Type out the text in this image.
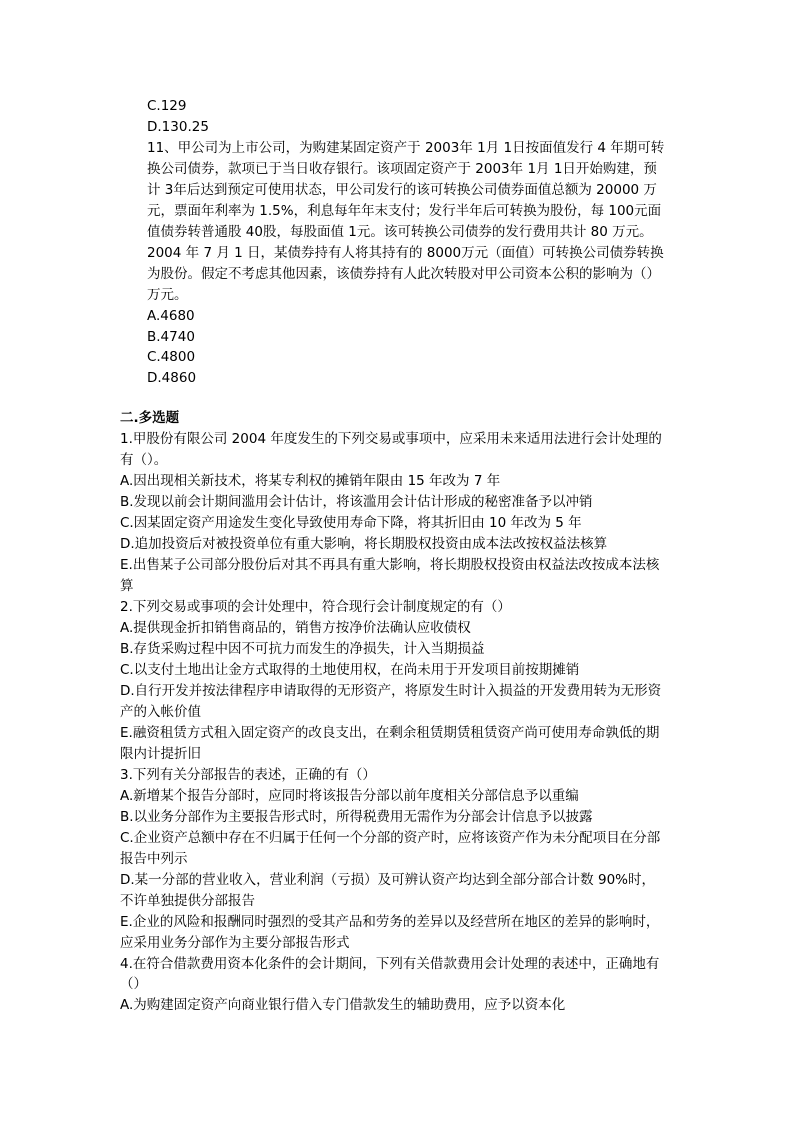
C.129
D.130.25
11、甲公司为上市公司，为购建某固定资产于 2003年 1月 1日按面值发行 4 年期可转
换公司债券，款项已于当日收存银行。该项固定资产于 2003年 1月 1日开始购建，预
计 3年后达到预定可使用状态，甲公司发行的该可转换公司债券面值总额为 20000 万
元，票面年利率为 1.5%，利息每年年末支付；发行半年后可转换为股份，每 100元面
值债券转普通股 40股，每股面值 1元。该可转换公司债券的发行费用共计 80 万元。
2004 年 7 月 1 日，某债券持有人将其持有的 8000万元（面值）可转换公司债券转换
为股份。假定不考虑其他因素，该债券持有人此次转股对甲公司资本公积的影响为（）
万元。
A.4680
B.4740
C.4800
D.4860
二.多选题
1.甲股份有限公司 2004 年度发生的下列交易或事项中，应采用未来适用法进行会计处理的
有（）。
A.因出现相关新技术，将某专利权的摊销年限由 15 年改为 7 年
B.发现以前会计期间滥用会计估计，将该滥用会计估计形成的秘密准备予以冲销
C.因某固定资产用途发生变化导致使用寿命下降，将其折旧由 10 年改为 5 年
D.追加投资后对被投资单位有重大影响，将长期股权投资由成本法改按权益法核算
E.出售某子公司部分股份后对其不再具有重大影响，将长期股权投资由权益法改按成本法核
算
2.下列交易或事项的会计处理中，符合现行会计制度规定的有（）
A.提供现金折扣销售商品的，销售方按净价法确认应收债权
B.存货采购过程中因不可抗力而发生的净损失，计入当期损益
C.以支付土地出让金方式取得的土地使用权，在尚未用于开发项目前按期摊销
D.自行开发并按法律程序申请取得的无形资产，将原发生时计入损益的开发费用转为无形资
产的入帐价值
E.融资租赁方式租入固定资产的改良支出，在剩余租赁期赁租赁资产尚可使用寿命孰低的期
限内计提折旧
3.下列有关分部报告的表述，正确的有（）
A.新增某个报告分部时，应同时将该报告分部以前年度相关分部信息予以重编
B.以业务分部作为主要报告形式时，所得税费用无需作为分部会计信息予以披露
C.企业资产总额中存在不归属于任何一个分部的资产时，应将该资产作为未分配项目在分部
报告中列示
D.某一分部的营业收入，营业利润（亏损）及可辨认资产均达到全部分部合计数 90%时，
不许单独提供分部报告
E.企业的风险和报酬同时强烈的受其产品和劳务的差异以及经营所在地区的差异的影响时，
应采用业务分部作为主要分部报告形式
4.在符合借款费用资本化条件的会计期间，下列有关借款费用会计处理的表述中，正确地有
（）
A.为购建固定资产向商业银行借入专门借款发生的辅助费用，应予以资本化
